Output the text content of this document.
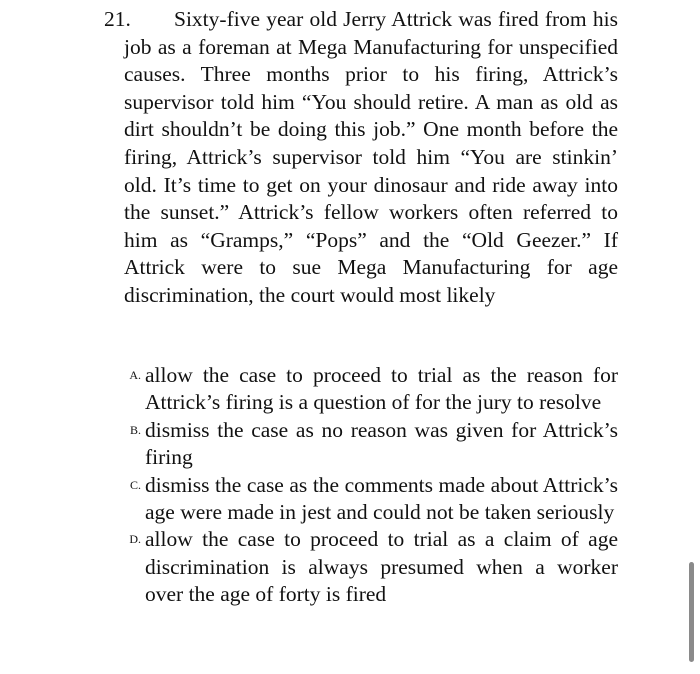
21.	Sixty-five year old Jerry Attrick was fired from his job as a foreman at Mega Manufacturing for unspecified causes. Three months prior to his firing, Attrick’s supervisor told him “You should retire. A man as old as dirt shouldn’t be doing this job.” One month before the firing, Attrick’s supervisor told him “You are stinkin’ old. It’s time to get on your dinosaur and ride away into the sunset.” Attrick’s fellow workers often referred to him as “Gramps,” “Pops” and the “Old Geezer.” If Attrick were to sue Mega Manufacturing for age discrimination, the court would most likely
A. allow the case to proceed to trial as the reason for Attrick’s firing is a question of for the jury to resolve
B. dismiss the case as no reason was given for Attrick’s firing
C. dismiss the case as the comments made about Attrick’s age were made in jest and could not be taken seriously
D. allow the case to proceed to trial as a claim of age discrimination is always presumed when a worker over the age of forty is fired
